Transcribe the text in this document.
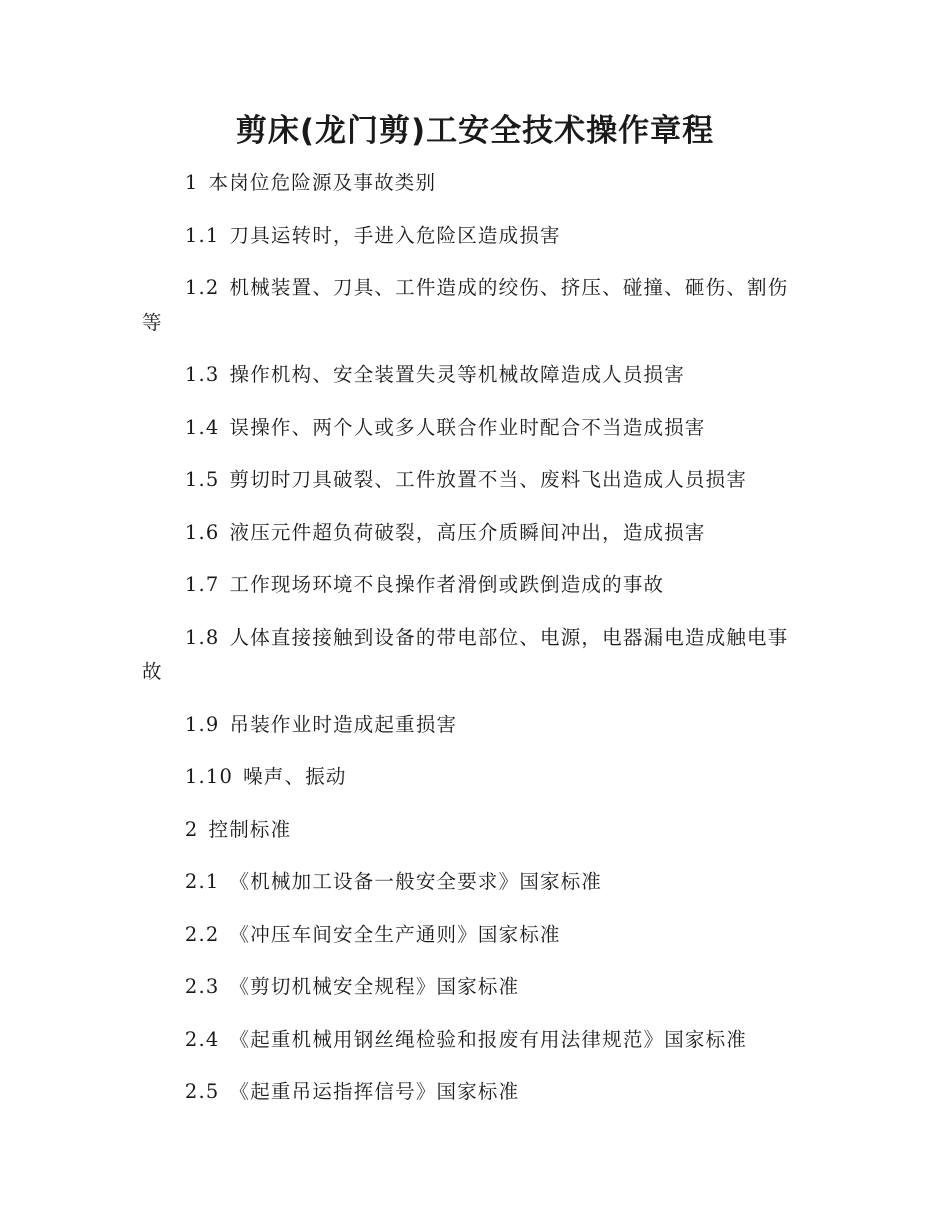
剪床(龙门剪)工安全技术操作章程

1 本岗位危险源及事故类别

1.1 刀具运转时，手进入危险区造成损害

1.2 机械装置、刀具、工件造成的绞伤、挤压、碰撞、砸伤、割伤等

1.3 操作机构、安全装置失灵等机械故障造成人员损害

1.4 误操作、两个人或多人联合作业时配合不当造成损害

1.5 剪切时刀具破裂、工件放置不当、废料飞出造成人员损害

1.6 液压元件超负荷破裂，高压介质瞬间冲出，造成损害

1.7 工作现场环境不良操作者滑倒或跌倒造成的事故

1.8 人体直接接触到设备的带电部位、电源，电器漏电造成触电事故

1.9 吊装作业时造成起重损害

1.10 噪声、振动

2 控制标准

2.1 《机械加工设备一般安全要求》国家标准

2.2 《冲压车间安全生产通则》国家标准

2.3 《剪切机械安全规程》国家标准

2.4 《起重机械用钢丝绳检验和报废有用法律规范》国家标准

2.5 《起重吊运指挥信号》国家标准
